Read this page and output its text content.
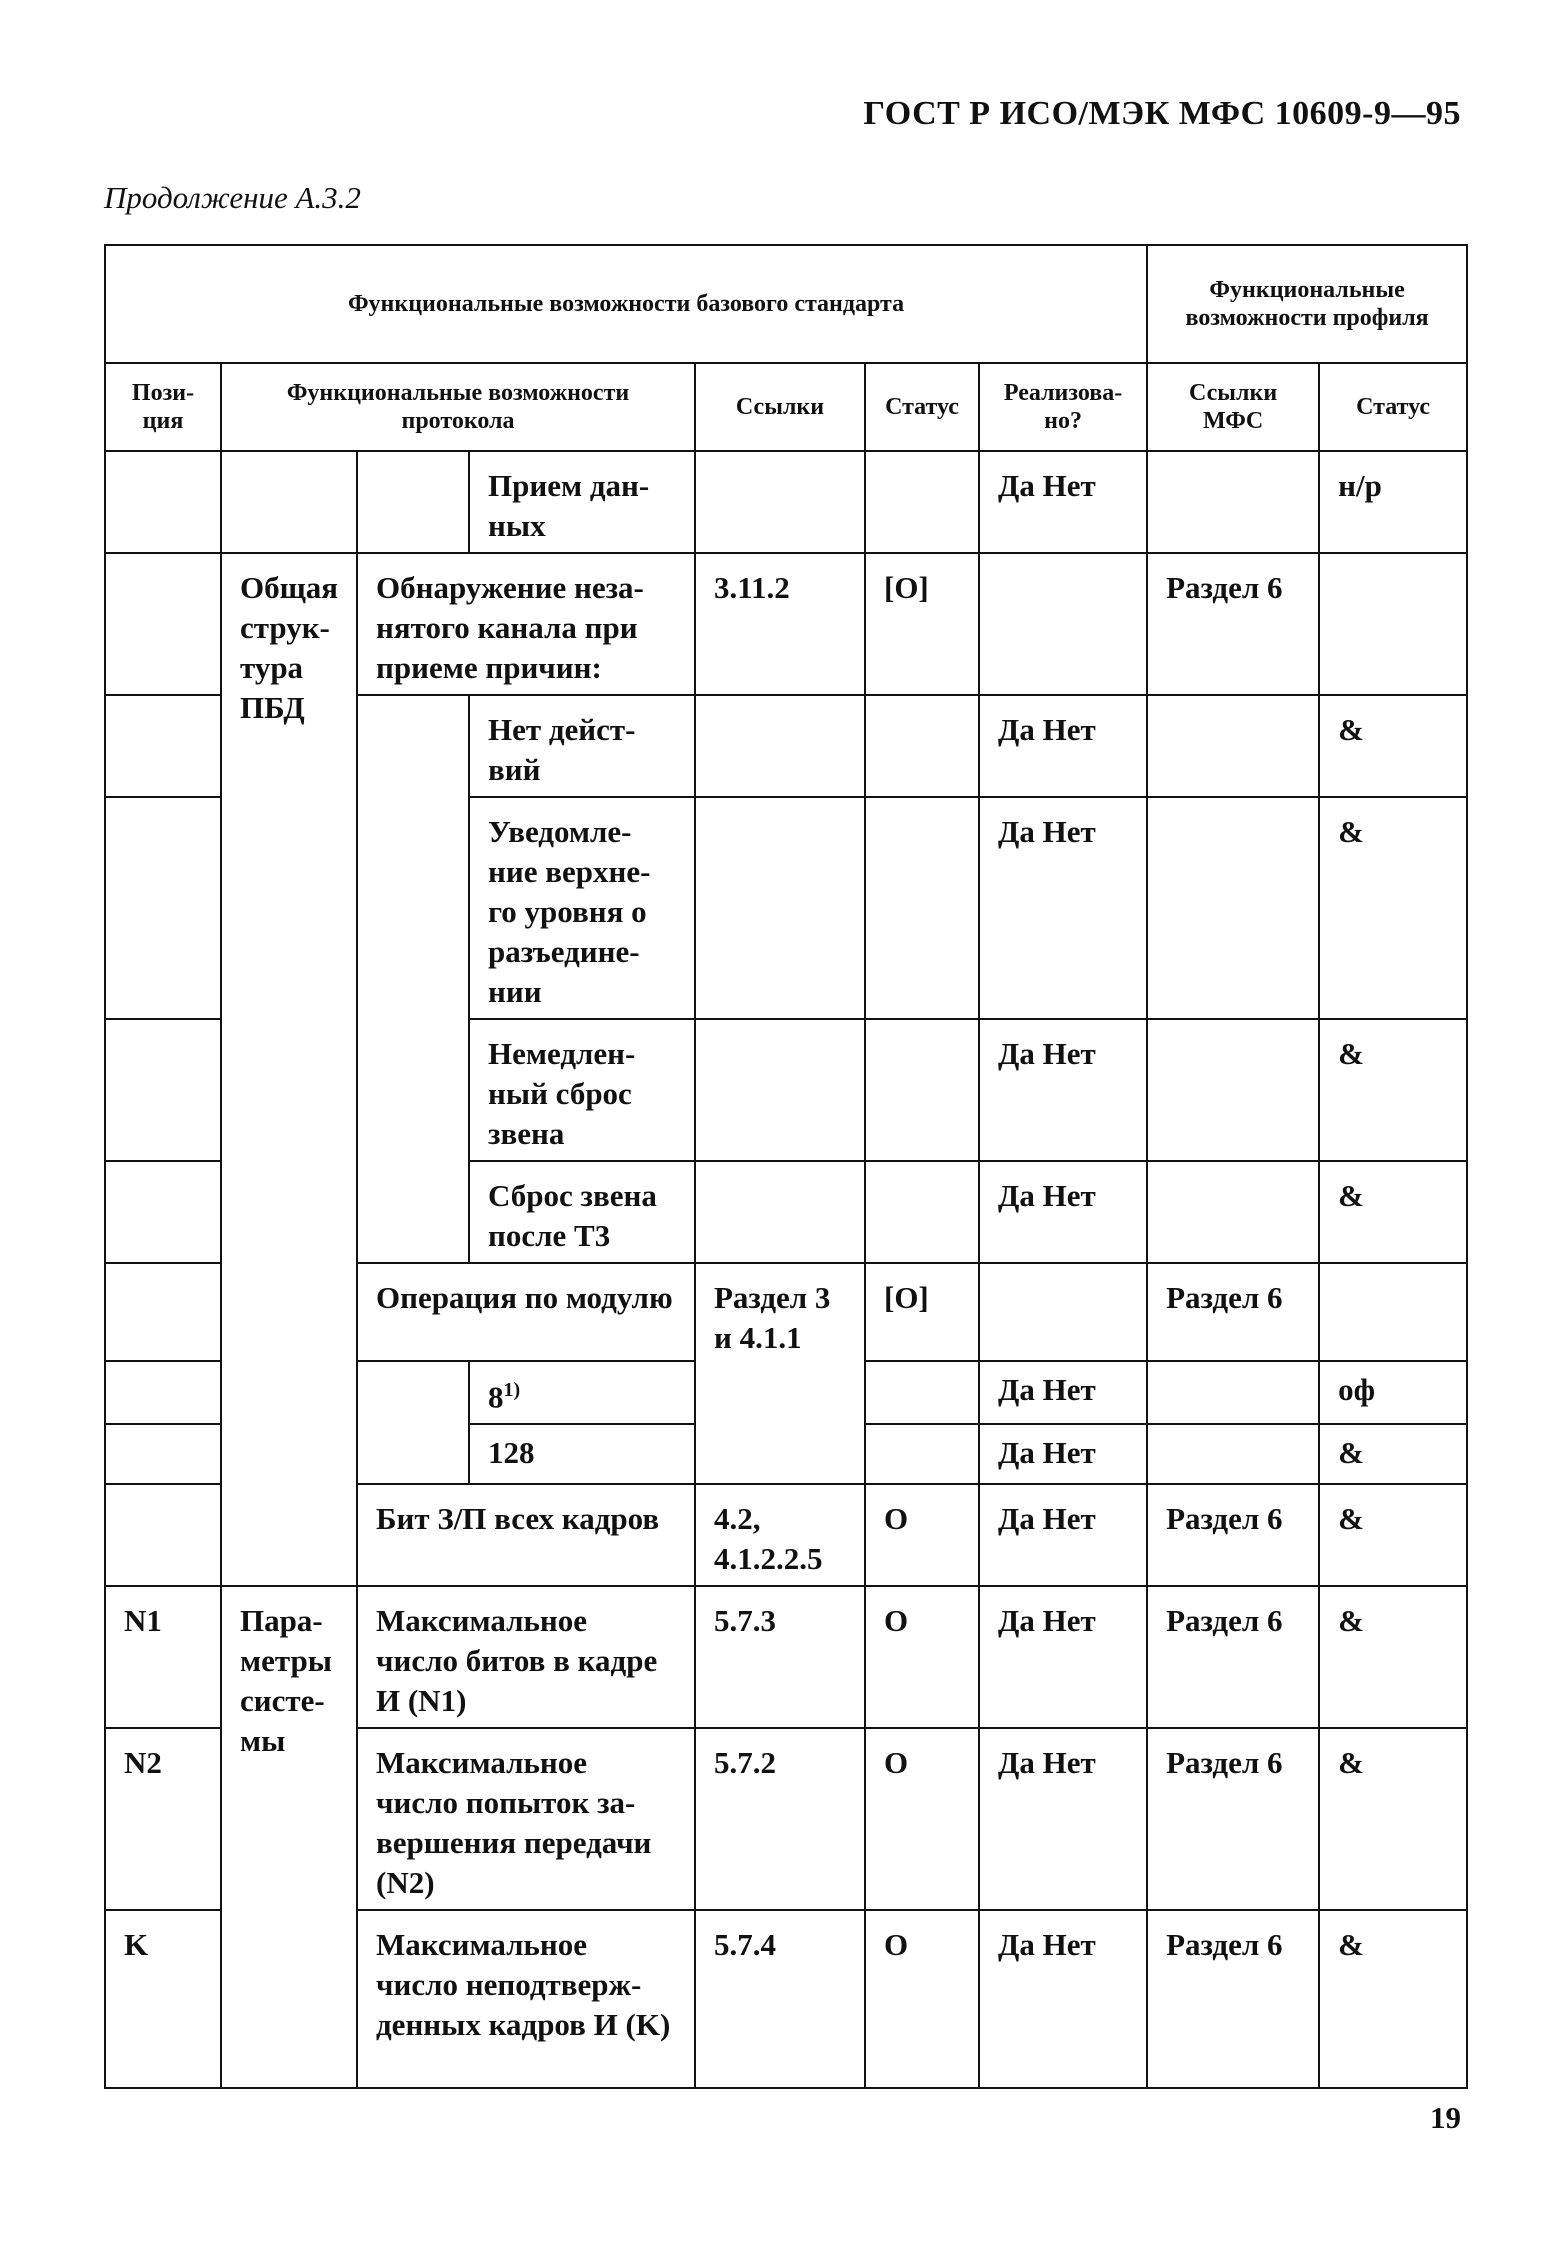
ГОСТ Р ИСО/МЭК МФС 10609-9—95
Продолжение А.3.2
Функциональные возможности базового стандарта							Функциональные возможности профиля	
Пози-ция	Функциональные возможности протокола			Ссылки	Статус	Реализова-но?	Ссылки МФС	Статус
			Прием дан-ных			Да Нет		н/р
	Общая струк-тура ПБД	Обнаружение неза-нятого канала при приеме причин:		3.11.2	[O]		Раздел 6	
			Нет дейст-вий			Да Нет		&
			Уведомле-ние верхне-го уровня о разъедине-нии			Да Нет		&
			Немедлен-ный сброс звена			Да Нет		&
			Сброс звена после Т3			Да Нет		&
		Операция по модулю		Раздел 3 и 4.1.1	[O]		Раздел 6	
			8$^{1)}$			Да Нет		оф
			128			Да Нет		&
		Бит З/П всех кадров		4.2, 4.1.2.2.5	O	Да Нет	Раздел 6	&
N1	Пара-метры систе-мы	Максимальное число битов в кадре И (N1)		5.7.3	O	Да Нет	Раздел 6	&
N2		Максимальное число попыток за-вершения передачи (N2)		5.7.2	O	Да Нет	Раздел 6	&
K		Максимальное число неподтверж-денных кадров И (K)		5.7.4	O	Да Нет	Раздел 6	&
19
